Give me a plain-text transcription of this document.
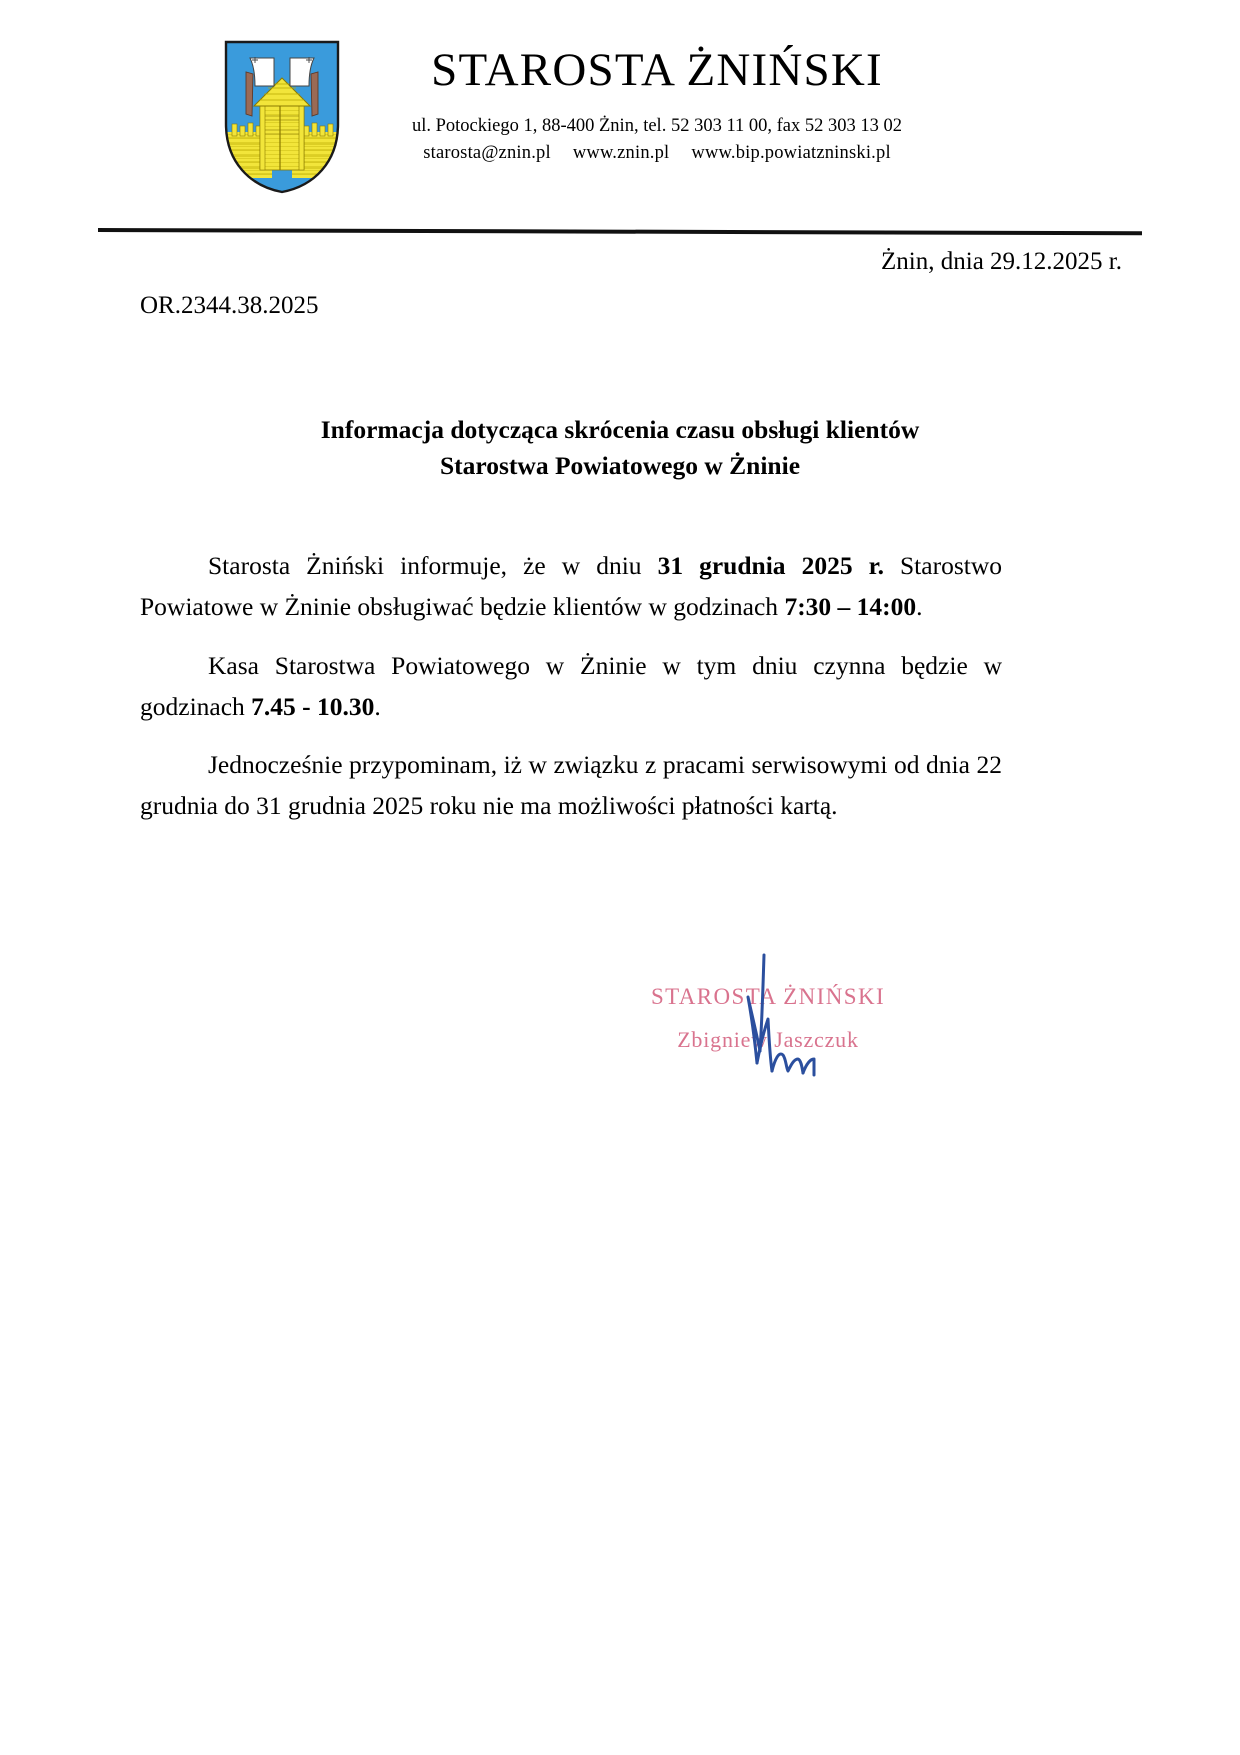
STAROSTA ŻNIŃSKI
ul. Potockiego 1, 88-400 Żnin, tel. 52 303 11 00, fax 52 303 13 02
starosta@znin.pl www.znin.pl www.bip.powiatzninski.pl
Żnin, dnia 29.12.2025 r.
OR.2344.38.2025
Informacja dotycząca skrócenia czasu obsługi klientów
Starostwa Powiatowego w Żninie

Starosta Żniński informuje, że w dniu 31 grudnia 2025 r. Starostwo Powiatowe w Żninie obsługiwać będzie klientów w godzinach 7:30 – 14:00.

Kasa Starostwa Powiatowego w Żninie w tym dniu czynna będzie w godzinach 7.45 - 10.30.

Jednocześnie przypominam, iż w związku z pracami serwisowymi od dnia 22 grudnia do 31 grudnia 2025 roku nie ma możliwości płatności kartą.

STAROSTA ŻNIŃSKI
Zbigniew Jaszczuk
